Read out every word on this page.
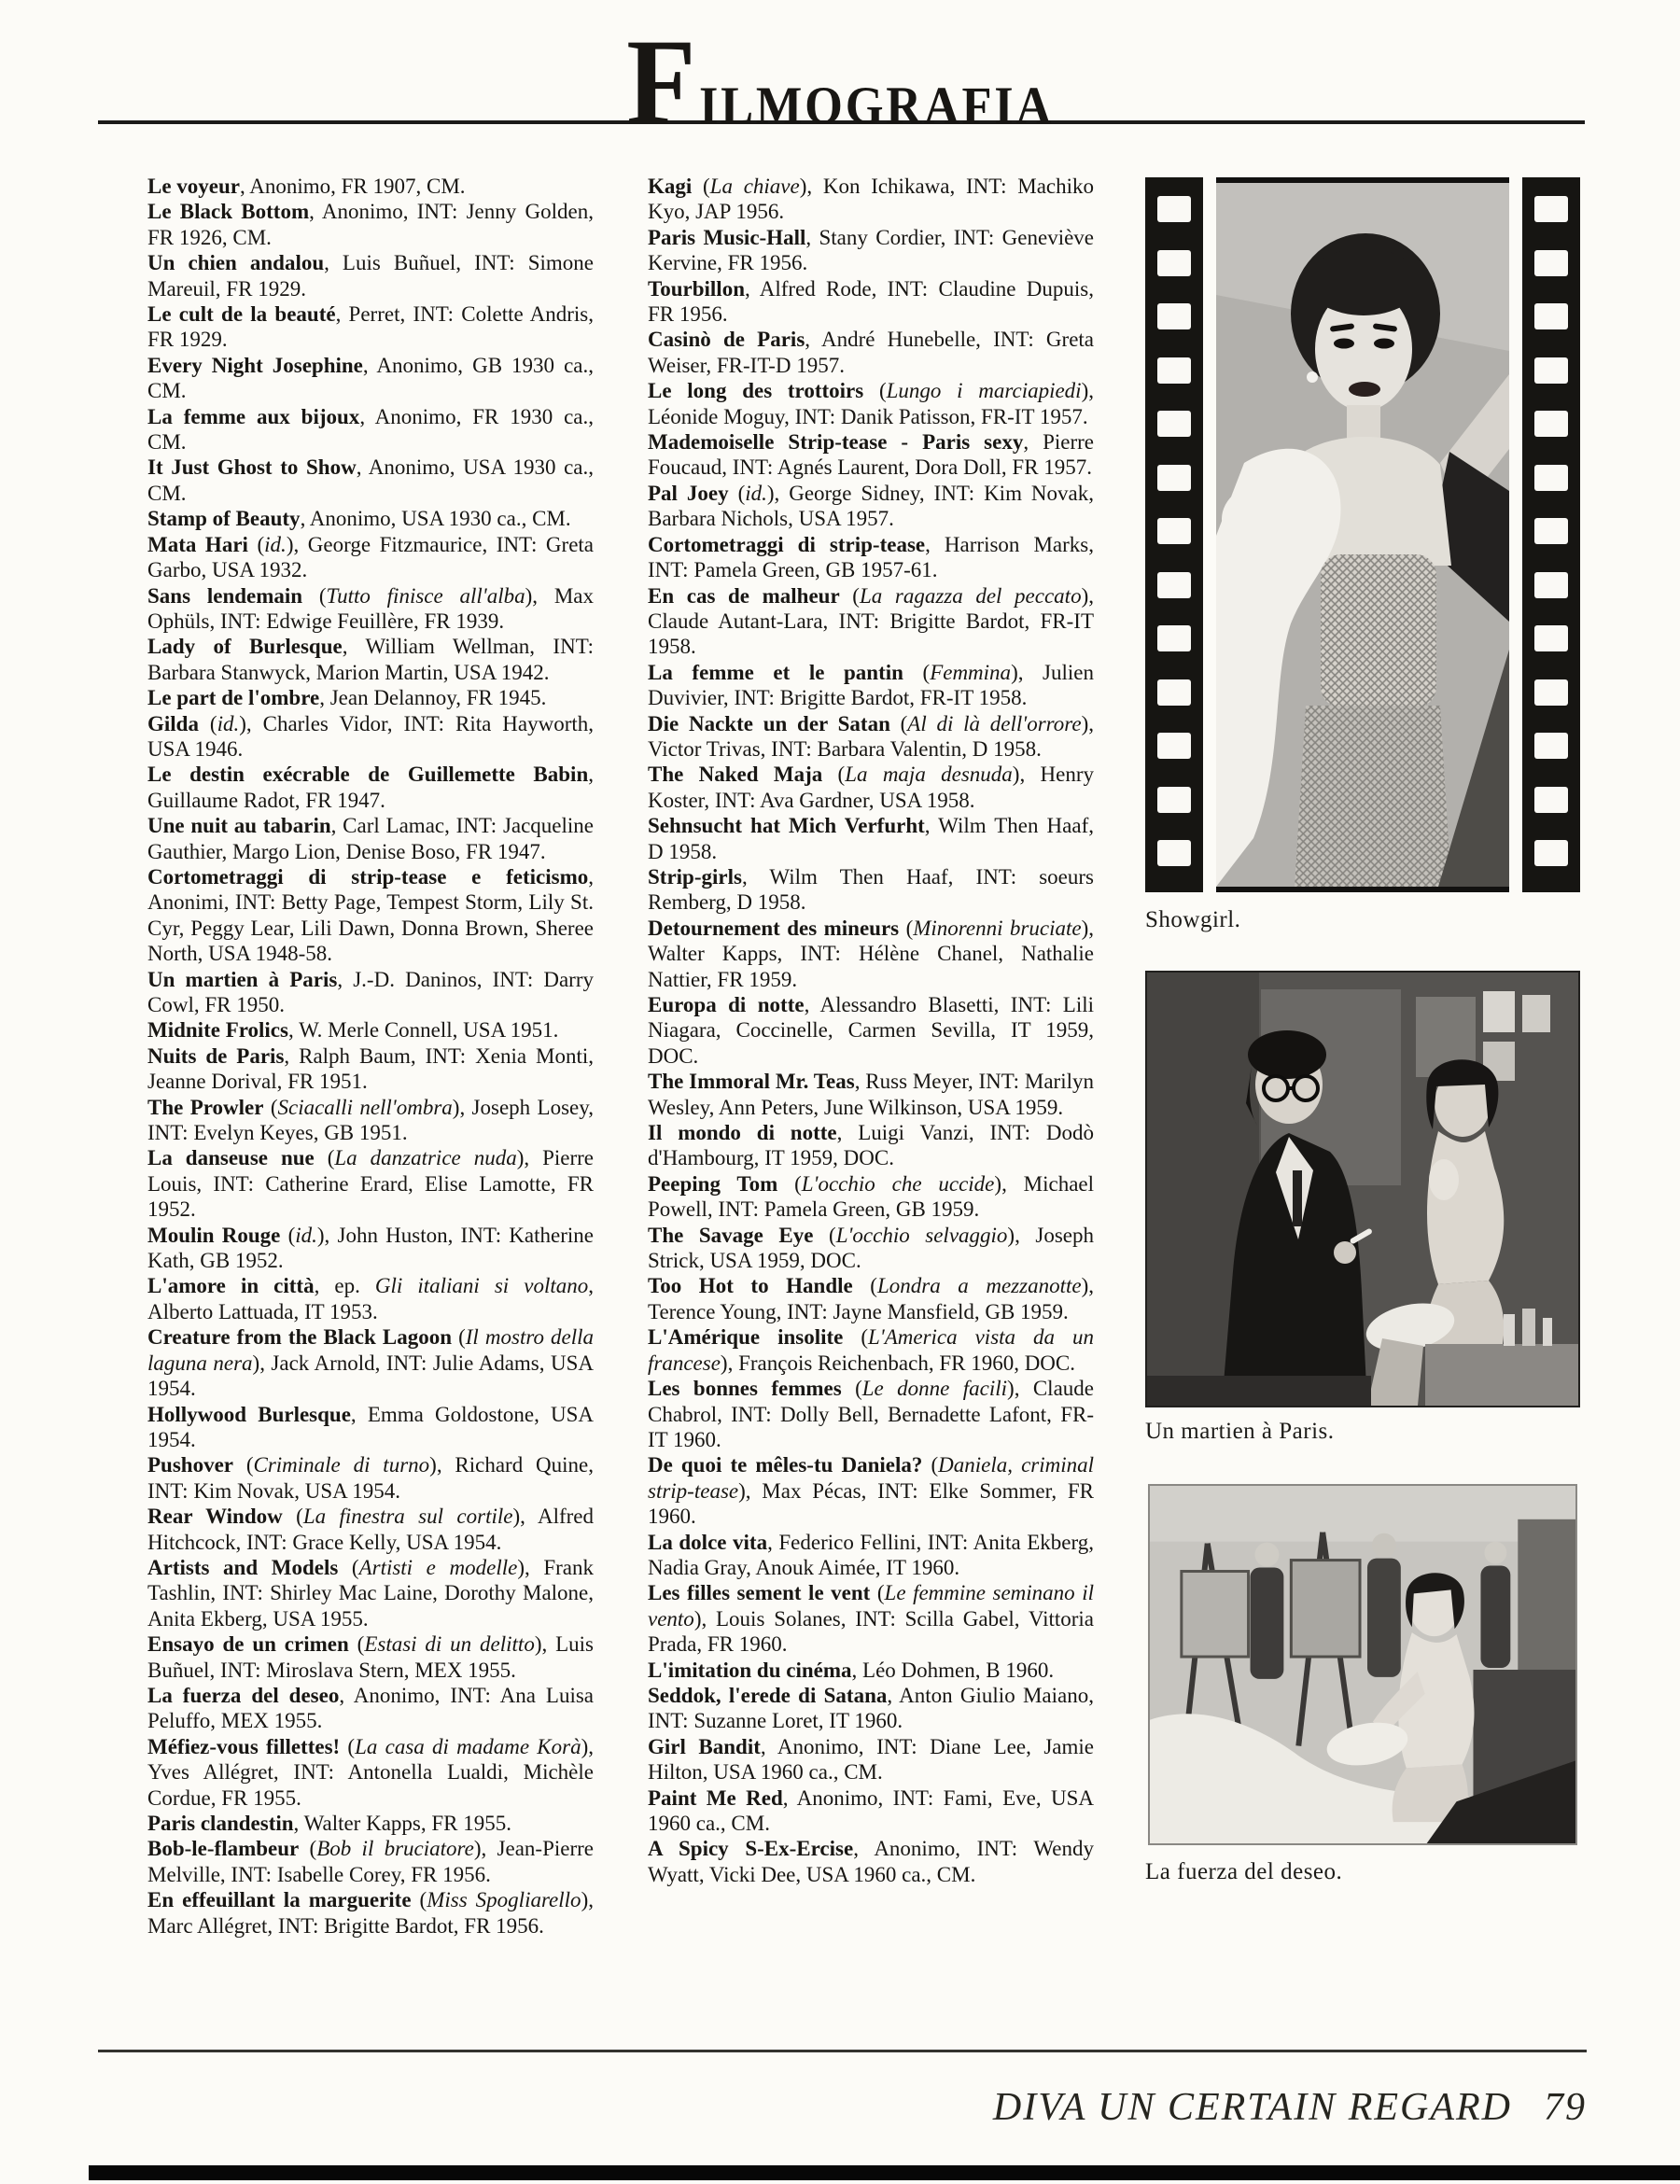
F ILMOGRAFIA

Le voyeur, Anonimo, FR 1907, CM.

Le Black Bottom, Anonimo, INT: Jenny Golden, FR 1926, CM.

Un chien andalou, Luis Buñuel, INT: Simone Mareuil, FR 1929.

Le cult de la beauté, Perret, INT: Colette Andris, FR 1929.

Every Night Josephine, Anonimo, GB 1930 ca., CM.

La femme aux bijoux, Anonimo, FR 1930 ca., CM.

It Just Ghost to Show, Anonimo, USA 1930 ca., CM.

Stamp of Beauty, Anonimo, USA 1930 ca., CM.

Mata Hari (id.), George Fitzmaurice, INT: Greta Garbo, USA 1932.

Sans lendemain (Tutto finisce all'alba), Max Ophüls, INT: Edwige Feuillère, FR 1939.

Lady of Burlesque, William Wellman, INT: Barbara Stanwyck, Marion Martin, USA 1942.

Le part de l'ombre, Jean Delannoy, FR 1945.

Gilda (id.), Charles Vidor, INT: Rita Hayworth, USA 1946.

Le destin exécrable de Guillemette Babin, Guillaume Radot, FR 1947.

Une nuit au tabarin, Carl Lamac, INT: Jacqueline Gauthier, Margo Lion, Denise Boso, FR 1947.

Cortometraggi di strip-tease e feticismo, Anonimi, INT: Betty Page, Tempest Storm, Lily St. Cyr, Peggy Lear, Lili Dawn, Donna Brown, Sheree North, USA 1948-58.

Un martien à Paris, J.-D. Daninos, INT: Darry Cowl, FR 1950.

Midnite Frolics, W. Merle Connell, USA 1951.

Nuits de Paris, Ralph Baum, INT: Xenia Monti, Jeanne Dorival, FR 1951.

The Prowler (Sciacalli nell'ombra), Joseph Losey, INT: Evelyn Keyes, GB 1951.

La danseuse nue (La danzatrice nuda), Pierre Louis, INT: Catherine Erard, Elise Lamotte, FR 1952.

Moulin Rouge (id.), John Huston, INT: Katherine Kath, GB 1952.

L'amore in città, ep. Gli italiani si voltano, Alberto Lattuada, IT 1953.

Creature from the Black Lagoon (Il mostro della laguna nera), Jack Arnold, INT: Julie Adams, USA 1954.

Hollywood Burlesque, Emma Goldostone, USA 1954.

Pushover (Criminale di turno), Richard Quine, INT: Kim Novak, USA 1954.

Rear Window (La finestra sul cortile), Alfred Hitchcock, INT: Grace Kelly, USA 1954.

Artists and Models (Artisti e modelle), Frank Tashlin, INT: Shirley Mac Laine, Dorothy Malone, Anita Ekberg, USA 1955.

Ensayo de un crimen (Estasi di un delitto), Luis Buñuel, INT: Miroslava Stern, MEX 1955.

La fuerza del deseo, Anonimo, INT: Ana Luisa Peluffo, MEX 1955.

Méfiez-vous fillettes! (La casa di madame Korà), Yves Allégret, INT: Antonella Lualdi, Michèle Cordue, FR 1955.

Paris clandestin, Walter Kapps, FR 1955.

Bob-le-flambeur (Bob il bruciatore), Jean-Pierre Melville, INT: Isabelle Corey, FR 1956.

En effeuillant la marguerite (Miss Spogliarello), Marc Allégret, INT: Brigitte Bardot, FR 1956.

Kagi (La chiave), Kon Ichikawa, INT: Machiko Kyo, JAP 1956.

Paris Music-Hall, Stany Cordier, INT: Geneviève Kervine, FR 1956.

Tourbillon, Alfred Rode, INT: Claudine Dupuis, FR 1956.

Casinò de Paris, André Hunebelle, INT: Greta Weiser, FR-IT-D 1957.

Le long des trottoirs (Lungo i marciapiedi), Léonide Moguy, INT: Danik Patisson, FR-IT 1957.

Mademoiselle Strip-tease - Paris sexy, Pierre Foucaud, INT: Agnés Laurent, Dora Doll, FR 1957.

Pal Joey (id.), George Sidney, INT: Kim Novak, Barbara Nichols, USA 1957.

Cortometraggi di strip-tease, Harrison Marks, INT: Pamela Green, GB 1957-61.

En cas de malheur (La ragazza del peccato), Claude Autant-Lara, INT: Brigitte Bardot, FR-IT 1958.

La femme et le pantin (Femmina), Julien Duvivier, INT: Brigitte Bardot, FR-IT 1958.

Die Nackte un der Satan (Al di là dell'orrore), Victor Trivas, INT: Barbara Valentin, D 1958.

The Naked Maja (La maja desnuda), Henry Koster, INT: Ava Gardner, USA 1958.

Sehnsucht hat Mich Verfurht, Wilm Then Haaf, D 1958.

Strip-girls, Wilm Then Haaf, INT: soeurs Remberg, D 1958.

Detournement des mineurs (Minorenni bruciate), Walter Kapps, INT: Hélène Chanel, Nathalie Nattier, FR 1959.

Europa di notte, Alessandro Blasetti, INT: Lili Niagara, Coccinelle, Carmen Sevilla, IT 1959, DOC.

The Immoral Mr. Teas, Russ Meyer, INT: Marilyn Wesley, Ann Peters, June Wilkinson, USA 1959.

Il mondo di notte, Luigi Vanzi, INT: Dodò d'Hambourg, IT 1959, DOC.

Peeping Tom (L'occhio che uccide), Michael Powell, INT: Pamela Green, GB 1959.

The Savage Eye (L'occhio selvaggio), Joseph Strick, USA 1959, DOC.

Too Hot to Handle (Londra a mezzanotte), Terence Young, INT: Jayne Mansfield, GB 1959.

L'Amérique insolite (L'America vista da un francese), François Reichenbach, FR 1960, DOC.

Les bonnes femmes (Le donne facili), Claude Chabrol, INT: Dolly Bell, Bernadette Lafont, FR-IT 1960.

De quoi te mêles-tu Daniela? (Daniela, criminal strip-tease), Max Pécas, INT: Elke Sommer, FR 1960.

La dolce vita, Federico Fellini, INT: Anita Ekberg, Nadia Gray, Anouk Aimée, IT 1960.

Les filles sement le vent (Le femmine seminano il vento), Louis Solanes, INT: Scilla Gabel, Vittoria Prada, FR 1960.

L'imitation du cinéma, Léo Dohmen, B 1960.

Seddok, l'erede di Satana, Anton Giulio Maiano, INT: Suzanne Loret, IT 1960.

Girl Bandit, Anonimo, INT: Diane Lee, Jamie Hilton, USA 1960 ca., CM.

Paint Me Red, Anonimo, INT: Fami, Eve, USA 1960 ca., CM.

A Spicy S-Ex-Ercise, Anonimo, INT: Wendy Wyatt, Vicki Dee, USA 1960 ca., CM.

Showgirl.
Un martien à Paris.
La fuerza del deseo.
DIVA UN CERTAIN REGARD 79
